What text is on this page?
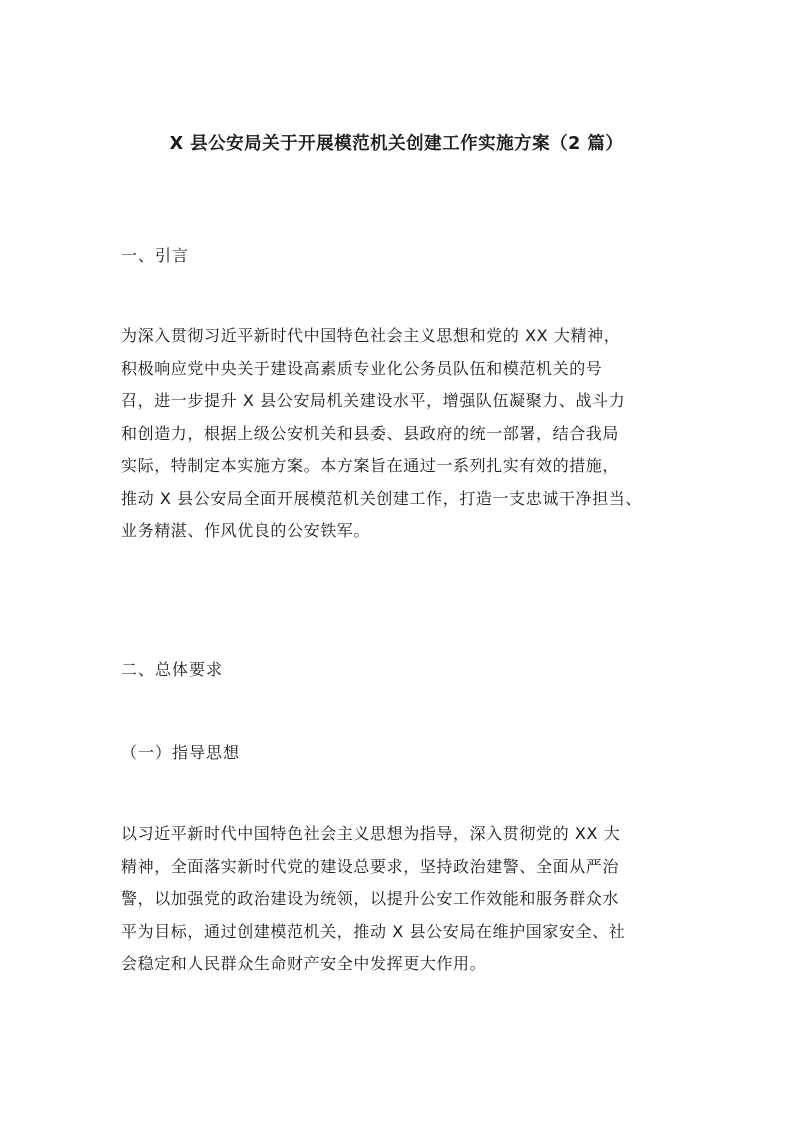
X 县公安局关于开展模范机关创建工作实施方案（2 篇）
一、引言
为深入贯彻习近平新时代中国特色社会主义思想和党的 XX 大精神，
积极响应党中央关于建设高素质专业化公务员队伍和模范机关的号
召，进一步提升 X 县公安局机关建设水平，增强队伍凝聚力、战斗力
和创造力，根据上级公安机关和县委、县政府的统一部署，结合我局
实际，特制定本实施方案。本方案旨在通过一系列扎实有效的措施，
推动 X 县公安局全面开展模范机关创建工作，打造一支忠诚干净担当、
业务精湛、作风优良的公安铁军。
二、总体要求
（一）指导思想
以习近平新时代中国特色社会主义思想为指导，深入贯彻党的 XX 大
精神，全面落实新时代党的建设总要求，坚持政治建警、全面从严治
警，以加强党的政治建设为统领，以提升公安工作效能和服务群众水
平为目标，通过创建模范机关，推动 X 县公安局在维护国家安全、社
会稳定和人民群众生命财产安全中发挥更大作用。
